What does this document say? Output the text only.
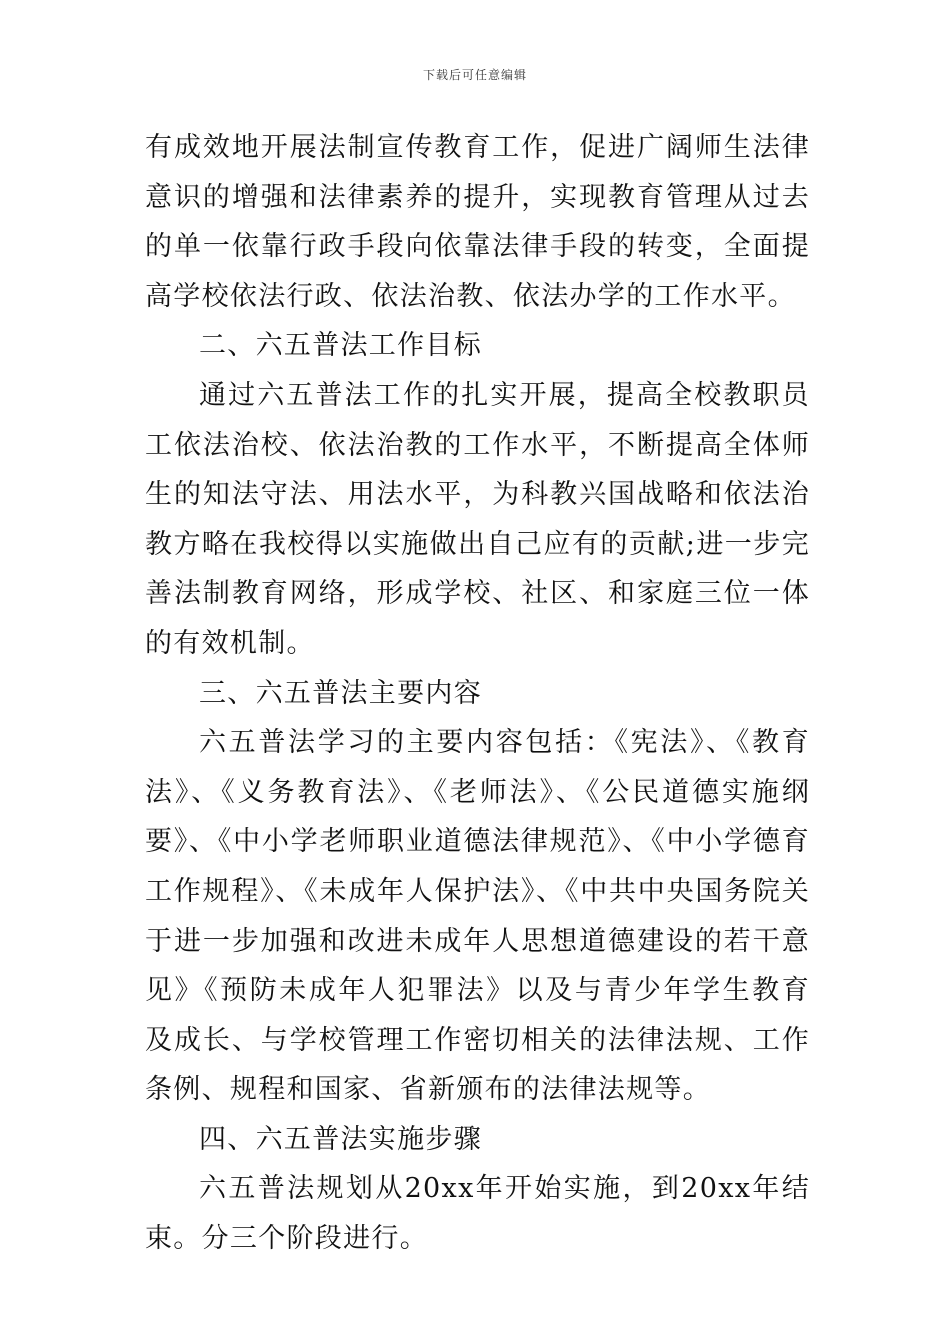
下载后可任意编辑

有成效地开展法制宣传教育工作，促进广阔师生法律意识的增强和法律素养的提升，实现教育管理从过去的单一依靠行政手段向依靠法律手段的转变，全面提高学校依法行政、依法治教、依法办学的工作水平。

二、六五普法工作目标

通过六五普法工作的扎实开展，提高全校教职员工依法治校、依法治教的工作水平，不断提高全体师生的知法守法、用法水平，为科教兴国战略和依法治教方略在我校得以实施做出自己应有的贡献;进一步完善法制教育网络，形成学校、社区、和家庭三位一体的有效机制。

三、六五普法主要内容

六五普法学习的主要内容包括：《宪法》、《教育法》、《义务教育法》、《老师法》、《公民道德实施纲要》、《中小学老师职业道德法律规范》、《中小学德育工作规程》、《未成年人保护法》、《中共中央国务院关于进一步加强和改进未成年人思想道德建设的若干意见》《预防未成年人犯罪法》以及与青少年学生教育及成长、与学校管理工作密切相关的法律法规、工作条例、规程和国家、省新颁布的法律法规等。

四、六五普法实施步骤

六五普法规划从20xx年开始实施，到20xx年结束。分三个阶段进行。
